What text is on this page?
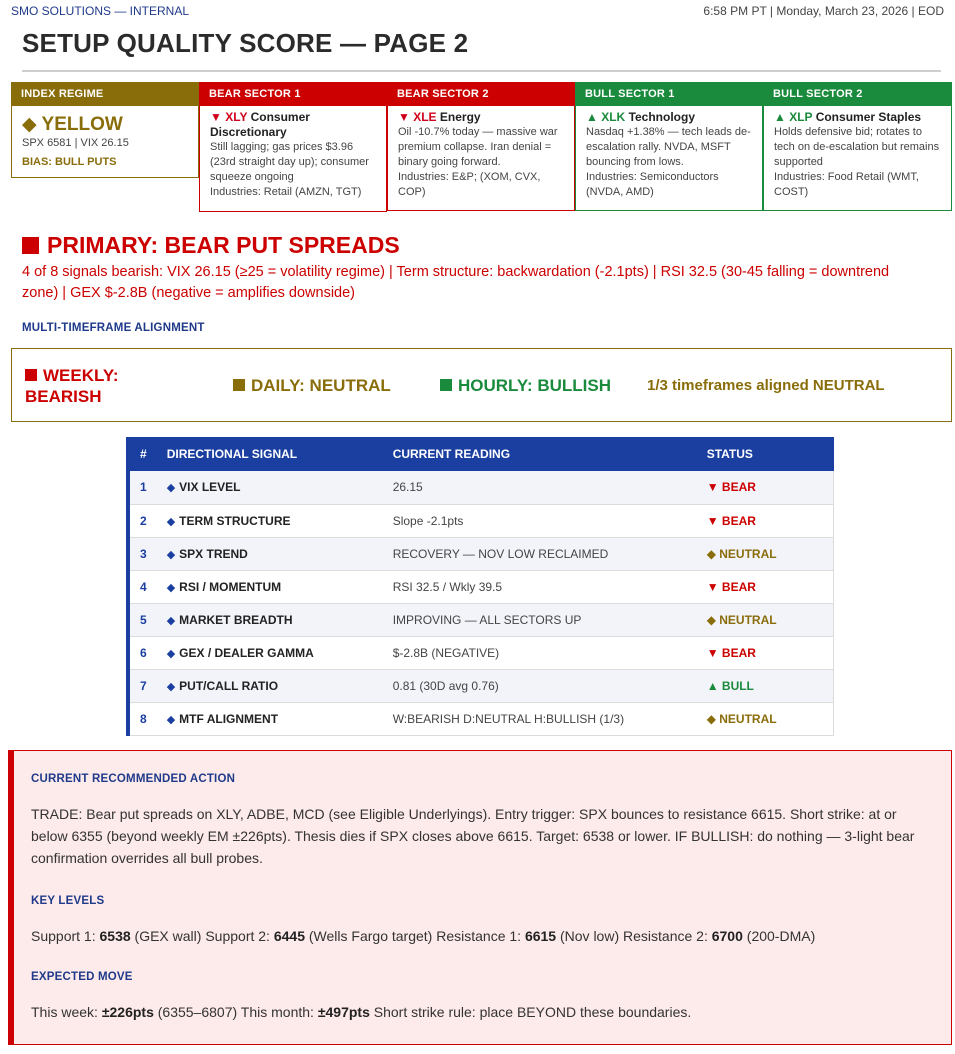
SMO SOLUTIONS — INTERNAL	6:58 PM PT | Monday, March 23, 2026 | EOD
SETUP QUALITY SCORE — PAGE 2
INDEX REGIME
◆ YELLOW
SPX 6581 | VIX 26.15
BIAS: BULL PUTS
BEAR SECTOR 1
▼ XLY Consumer Discretionary
Still lagging; gas prices $3.96 (23rd straight day up); consumer squeeze ongoing
Industries: Retail (AMZN, TGT)
BEAR SECTOR 2
▼ XLE Energy
Oil -10.7% today — massive war premium collapse. Iran denial = binary going forward.
Industries: E&P; (XOM, CVX, COP)
BULL SECTOR 1
▲ XLK Technology
Nasdaq +1.38% — tech leads de-escalation rally. NVDA, MSFT bouncing from lows.
Industries: Semiconductors (NVDA, AMD)
BULL SECTOR 2
▲ XLP Consumer Staples
Holds defensive bid; rotates to tech on de-escalation but remains supported
Industries: Food Retail (WMT, COST)
PRIMARY: BEAR PUT SPREADS
4 of 8 signals bearish: VIX 26.15 (≥25 = volatility regime) | Term structure: backwardation (-2.1pts) | RSI 32.5 (30-45 falling = downtrend zone) | GEX $-2.8B (negative = amplifies downside)
MULTI-TIMEFRAME ALIGNMENT
WEEKLY: BEARISH
DAILY: NEUTRAL	HOURLY: BULLISH 1/3 timeframes aligned NEUTRAL
#	DIRECTIONAL SIGNAL	CURRENT READING	STATUS
1	◆ VIX LEVEL	26.15	▼ BEAR
2	◆ TERM STRUCTURE	Slope -2.1pts	▼ BEAR
3	◆ SPX TREND	RECOVERY — NOV LOW RECLAIMED	◆ NEUTRAL
4	◆ RSI / MOMENTUM	RSI 32.5 / Wkly 39.5	▼ BEAR
5	◆ MARKET BREADTH	IMPROVING — ALL SECTORS UP	◆ NEUTRAL
6	◆ GEX / DEALER GAMMA	$-2.8B (NEGATIVE)	▼ BEAR
7	◆ PUT/CALL RATIO	0.81 (30D avg 0.76)	▲ BULL
8	◆ MTF ALIGNMENT	W:BEARISH D:NEUTRAL H:BULLISH (1/3)	◆ NEUTRAL
CURRENT RECOMMENDED ACTION
TRADE: Bear put spreads on XLY, ADBE, MCD (see Eligible Underlyings). Entry trigger: SPX bounces to resistance 6615. Short strike: at or below 6355 (beyond weekly EM ±226pts). Thesis dies if SPX closes above 6615. Target: 6538 or lower. IF BULLISH: do nothing — 3-light bear confirmation overrides all bull probes.
KEY LEVELS
Support 1: 6538 (GEX wall) Support 2: 6445 (Wells Fargo target) Resistance 1: 6615 (Nov low) Resistance 2: 6700 (200-DMA)
EXPECTED MOVE
This week: ±226pts (6355–6807) This month: ±497pts Short strike rule: place BEYOND these boundaries.
